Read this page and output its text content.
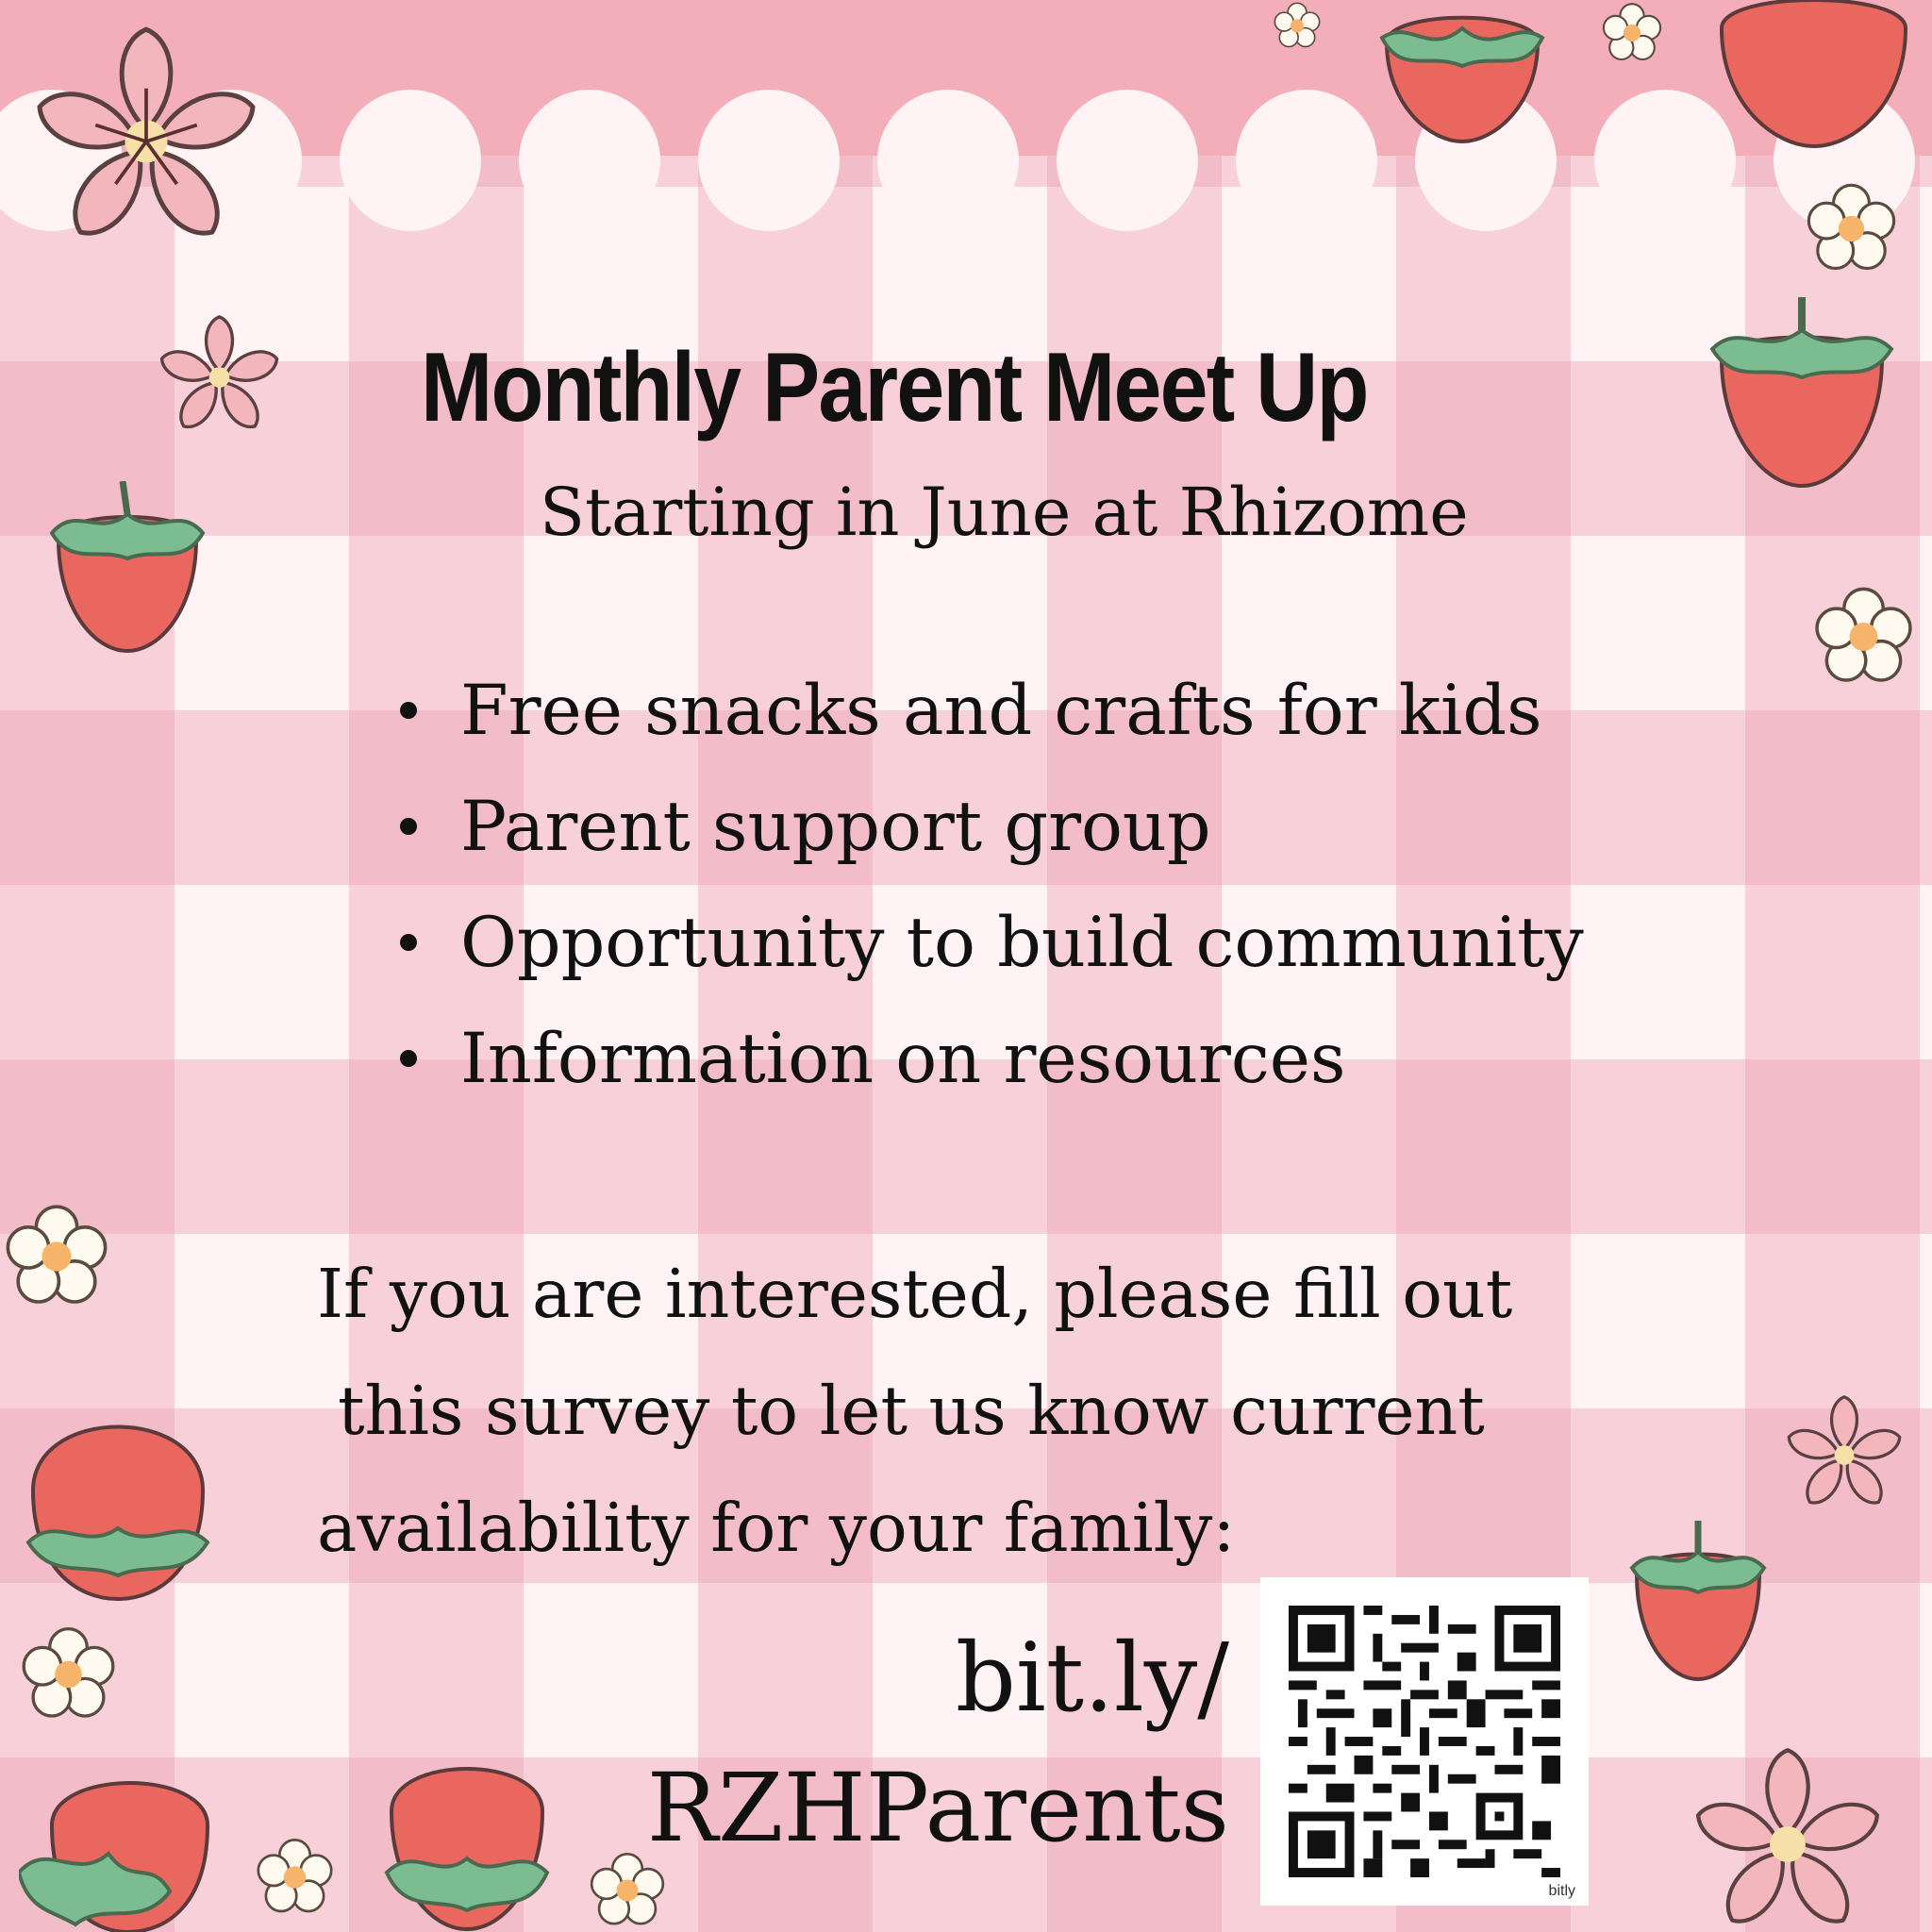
Monthly Parent Meet Up
Starting in June at Rhizome
Free snacks and crafts for kids
Parent support group
Opportunity to build community
Information on resources
If you are interested, please fill out
this survey to let us know current
availability for your family:
bit.ly/
RZHParents
bitly
